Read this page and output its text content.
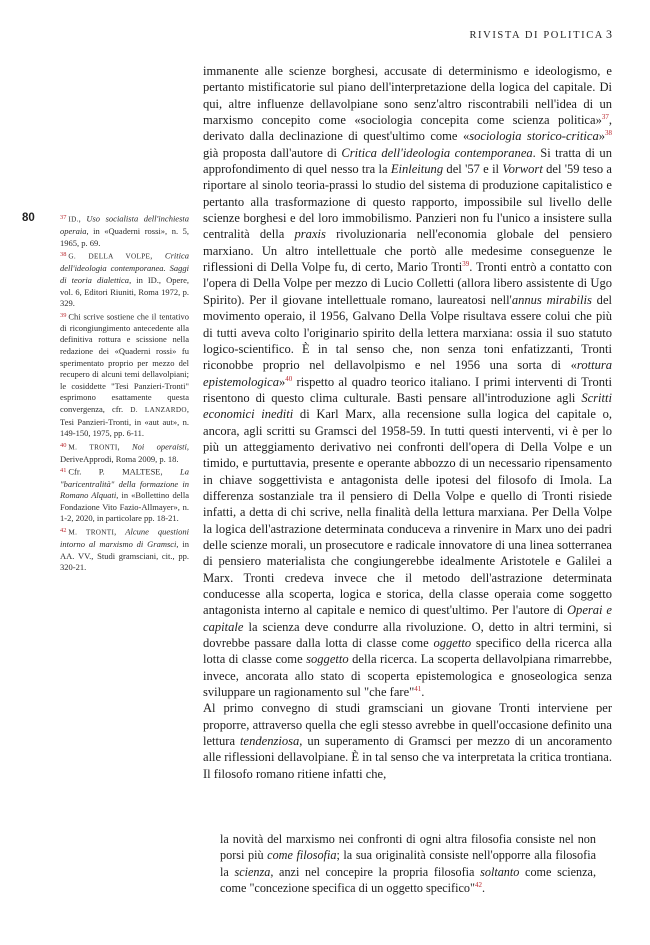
RIVISTA DI POLITICA 3
80	$^{37}$ ID., Uso socialista dell'inchiesta operaia, in «Quaderni rossi», n. 5, 1965, p. 69.

$^{38}$ G. DELLA VOLPE, Critica dell'ideologia contemporanea. Saggi di teoria dialettica, in ID., Opere, vol. 6, Editori Riuniti, Roma 1972, p. 329.

$^{39}$ Chi scrive sostiene che il tentativo di ricongiungimento antecedente alla definitiva rottura e scissione nella redazione dei «Quaderni rossi» fu sperimentato proprio per mezzo del recupero di alcuni temi dellavolpiani; le cosiddette "Tesi Panzieri-Tronti" esprimono esattamente questa convergenza, cfr. D. LANZARDO, Tesi Panzieri-Tronti, in «aut aut», n. 149-150, 1975, pp. 6-11.

$^{40}$ M. TRONTI, Noi operaisti, DeriveApprodi, Roma 2009, p. 18.

$^{41}$ Cfr. P. MALTESE, La "baricentralità" della formazione in Romano Alquati, in «Bollettino della Fondazione Vito Fazio-Allmayer», n. 1-2, 2020, in particolare pp. 18-21.

$^{42}$ M. TRONTI, Alcune questioni intorno al marxismo di Gramsci, in AA. VV., Studi gramsciani, cit., pp. 320-21.

immanente alle scienze borghesi, accusate di determinismo e ideologismo, e pertanto mistificatorie sul piano dell'interpretazione della logica del capitale. Di qui, altre influenze dellavolpiane sono senz'altro riscontrabili nell'idea di un marxismo concepito come «sociologia concepita come scienza politica»$^{37}$, derivato dalla declinazione di quest'ultimo come «sociologia storico-critica»$^{38}$ già proposta dall'autore di Critica dell'ideologia contemporanea. Si tratta di un approfondimento di quel nesso tra la Einleitung del '57 e il Vorwort del '59 teso a riportare al sinolo teoria-prassi lo studio del sistema di produzione capitalistico e pertanto alla trasformazione di questo rapporto, impossibile sul livello delle scienze borghesi e del loro immobilismo. Panzieri non fu l'unico a insistere sulla centralità della praxis rivoluzionaria nell'economia globale del pensiero marxiano. Un altro intellettuale che portò alle medesime conseguenze le riflessioni di Della Volpe fu, di certo, Mario Tronti$^{39}$. Tronti entrò a contatto con l'opera di Della Volpe per mezzo di Lucio Colletti (allora libero assistente di Ugo Spirito). Per il giovane intellettuale romano, laureatosi nell'annus mirabilis del movimento operaio, il 1956, Galvano Della Volpe risultava essere colui che più di tutti aveva colto l'originario spirito della lettera marxiana: ossia il suo statuto logico-scientifico. È in tal senso che, non senza toni enfatizzanti, Tronti riconobbe proprio nel dellavolpismo e nel 1956 una sorta di «rottura epistemologica»$^{40}$ rispetto al quadro teorico italiano. I primi interventi di Tronti risentono di questo clima culturale. Basti pensare all'introduzione agli Scritti economici inediti di Karl Marx, alla recensione sulla logica del capitale o, ancora, agli scritti su Gramsci del 1958-59. In tutti questi interventi, vi è per lo più un atteggiamento derivativo nei confronti dell'opera di Della Volpe e un timido, e purtuttavia, presente e operante abbozzo di un necessario ripensamento in chiave soggettivista e antagonista delle ipotesi del filosofo di Imola. La differenza sostanziale tra il pensiero di Della Volpe e quello di Tronti risiede infatti, a detta di chi scrive, nella finalità della lettura marxiana. Per Della Volpe la logica dell'astrazione determinata conduceva a rinvenire in Marx uno dei padri delle scienze morali, un prosecutore e radicale innovatore di una linea sotterranea di pensiero materialista che congiungerebbe idealmente Aristotele e Galilei a Marx. Tronti credeva invece che il metodo dell'astrazione determinata conducesse alla scoperta, logica e storica, della classe operaia come soggetto antagonista interno al capitale e nemico di quest'ultimo. Per l'autore di Operai e capitale la scienza deve condurre alla rivoluzione. O, detto in altri termini, si dovrebbe passare dalla lotta di classe come oggetto specifico della ricerca alla lotta di classe come soggetto della ricerca. La scoperta dellavolpiana rimarrebbe, invece, ancorata allo stato di scoperta epistemologica e gnoseologica senza sviluppare un ragionamento sul "che fare"$^{41}$.

Al primo convegno di studi gramsciani un giovane Tronti interviene per proporre, attraverso quella che egli stesso avrebbe in quell'occasione definito una lettura tendenziosa, un superamento di Gramsci per mezzo di un ancoramento alle riflessioni dellavolpiane. È in tal senso che va interpretata la critica trontiana. Il filosofo romano ritiene infatti che,

la novità del marxismo nei confronti di ogni altra filosofia consiste nel non porsi più come filosofia; la sua originalità consiste nell'opporre alla filosofia la scienza, anzi nel concepire la propria filosofia soltanto come scienza, come "concezione specifica di un oggetto specifico"$^{42}$.
